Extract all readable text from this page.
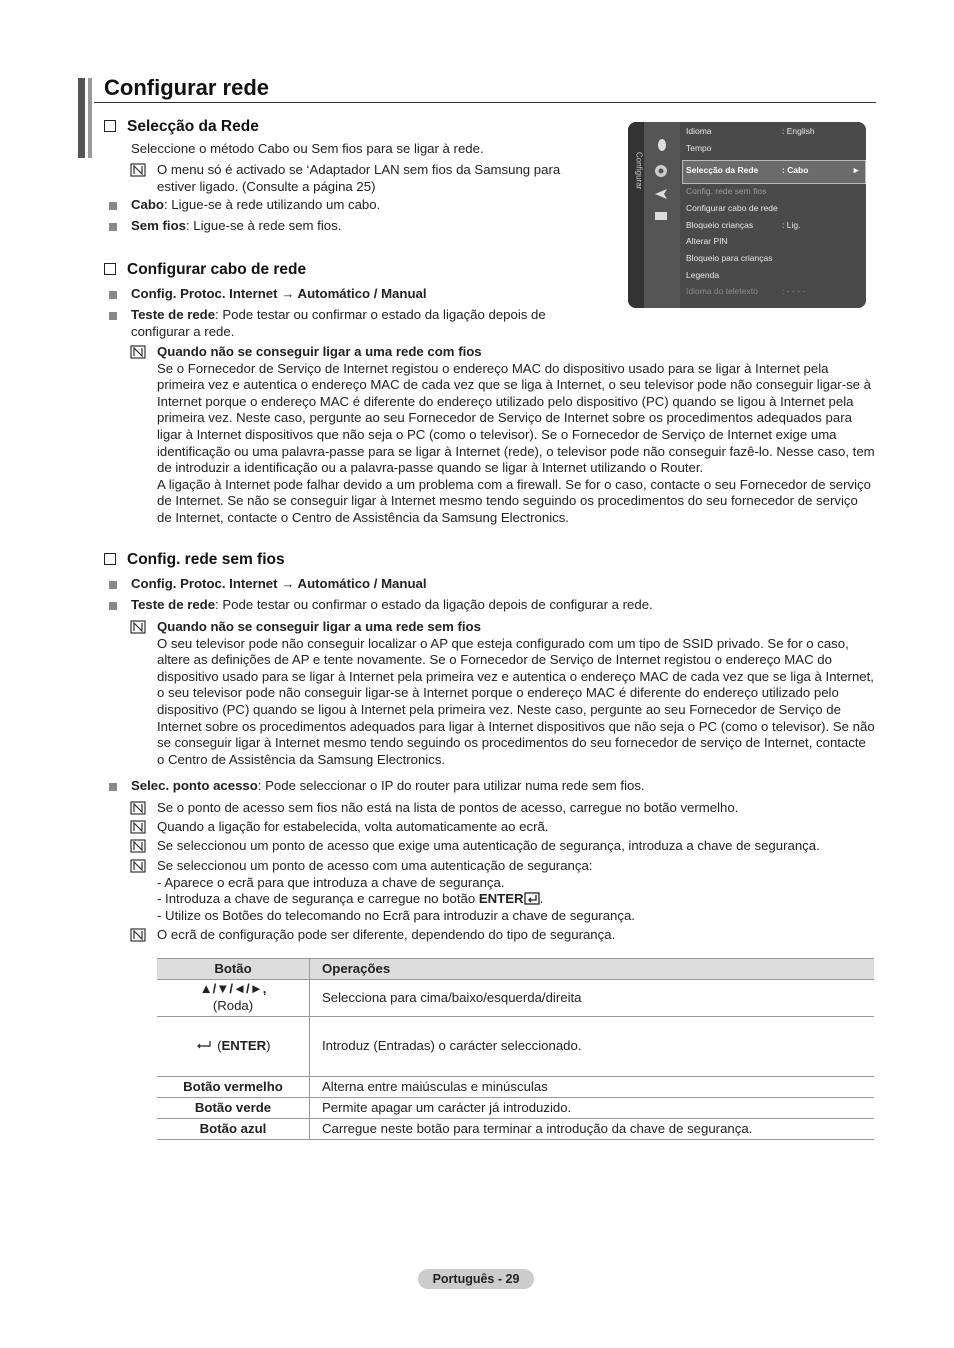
Configurar rede
Selecção da Rede
Seleccione o método Cabo ou Sem fios para se ligar à rede.
O menu só é activado se ‘Adaptador LAN sem fios da Samsung para estiver ligado. (Consulte a página 25)
Cabo: Ligue-se à rede utilizando um cabo.
Sem fios: Ligue-se à rede sem fios.
Configurar
Idioma	: English
Tempo
Selecção da Rede	: Cabo	►
Config. rede sem fios
Configurar cabo de rede
Bloqueio crianças	: Lig.
Alterar PIN
Bloqueio para crianças
Legenda
Idioma do teletexto	: - - - -
Configurar cabo de rede
Config. Protoc. Internet → Automático / Manual
Teste de rede: Pode testar ou confirmar o estado da ligação depois de configurar a rede.
Quando não se conseguir ligar a uma rede com fios
Se o Fornecedor de Serviço de Internet registou o endereço MAC do dispositivo usado para se ligar à Internet pela primeira vez e autentica o endereço MAC de cada vez que se liga à Internet, o seu televisor pode não conseguir ligar-se à Internet porque o endereço MAC é diferente do endereço utilizado pelo dispositivo (PC) quando se ligou à Internet pela primeira vez. Neste caso, pergunte ao seu Fornecedor de Serviço de Internet sobre os procedimentos adequados para ligar à Internet dispositivos que não seja o PC (como o televisor). Se o Fornecedor de Serviço de Internet exige uma identificação ou uma palavra-passe para se ligar à Internet (rede), o televisor pode não conseguir fazê-lo. Nesse caso, tem de introduzir a identificação ou a palavra-passe quando se ligar à Internet utilizando o Router.
A ligação à Internet pode falhar devido a um problema com a firewall. Se for o caso, contacte o seu Fornecedor de serviço de Internet. Se não se conseguir ligar à Internet mesmo tendo seguindo os procedimentos do seu fornecedor de serviço de Internet, contacte o Centro de Assistência da Samsung Electronics.
Config. rede sem fios
Config. Protoc. Internet → Automático / Manual
Teste de rede: Pode testar ou confirmar o estado da ligação depois de configurar a rede.
Quando não se conseguir ligar a uma rede sem fios
O seu televisor pode não conseguir localizar o AP que esteja configurado com um tipo de SSID privado. Se for o caso, altere as definições de AP e tente novamente. Se o Fornecedor de Serviço de Internet registou o endereço MAC do dispositivo usado para se ligar à Internet pela primeira vez e autentica o endereço MAC de cada vez que se liga à Internet, o seu televisor pode não conseguir ligar-se à Internet porque o endereço MAC é diferente do endereço utilizado pelo dispositivo (PC) quando se ligou à Internet pela primeira vez. Neste caso, pergunte ao seu Fornecedor de Serviço de Internet sobre os procedimentos adequados para ligar à Internet dispositivos que não seja o PC (como o televisor). Se não se conseguir ligar à Internet mesmo tendo seguindo os procedimentos do seu fornecedor de serviço de Internet, contacte o Centro de Assistência da Samsung Electronics.
Selec. ponto acesso: Pode seleccionar o IP do router para utilizar numa rede sem fios.
Se o ponto de acesso sem fios não está na lista de pontos de acesso, carregue no botão vermelho.
Quando a ligação for estabelecida, volta automaticamente ao ecrã.
Se seleccionou um ponto de acesso que exige uma autenticação de segurança, introduza a chave de segurança.
Se seleccionou um ponto de acesso com uma autenticação de segurança:
- Aparece o ecrã para que introduza a chave de segurança.
- Introduza a chave de segurança e carregue no botão ENTER .
- Utilize os Botões do telecomando no Ecrã para introduzir a chave de segurança.
O ecrã de configuração pode ser diferente, dependendo do tipo de segurança.
Botão	Operações

▲/▼/◄/►,
(Roda)	Selecciona para cima/baixo/esquerda/direita
(ENTER)	Introduz (Entradas) o carácter seleccionado.
Botão vermelho	Alterna entre maiúsculas e minúsculas
Botão verde	Permite apagar um carácter já introduzido.
Botão azul	Carregue neste botão para terminar a introdução da chave de segurança.
Português - 29
